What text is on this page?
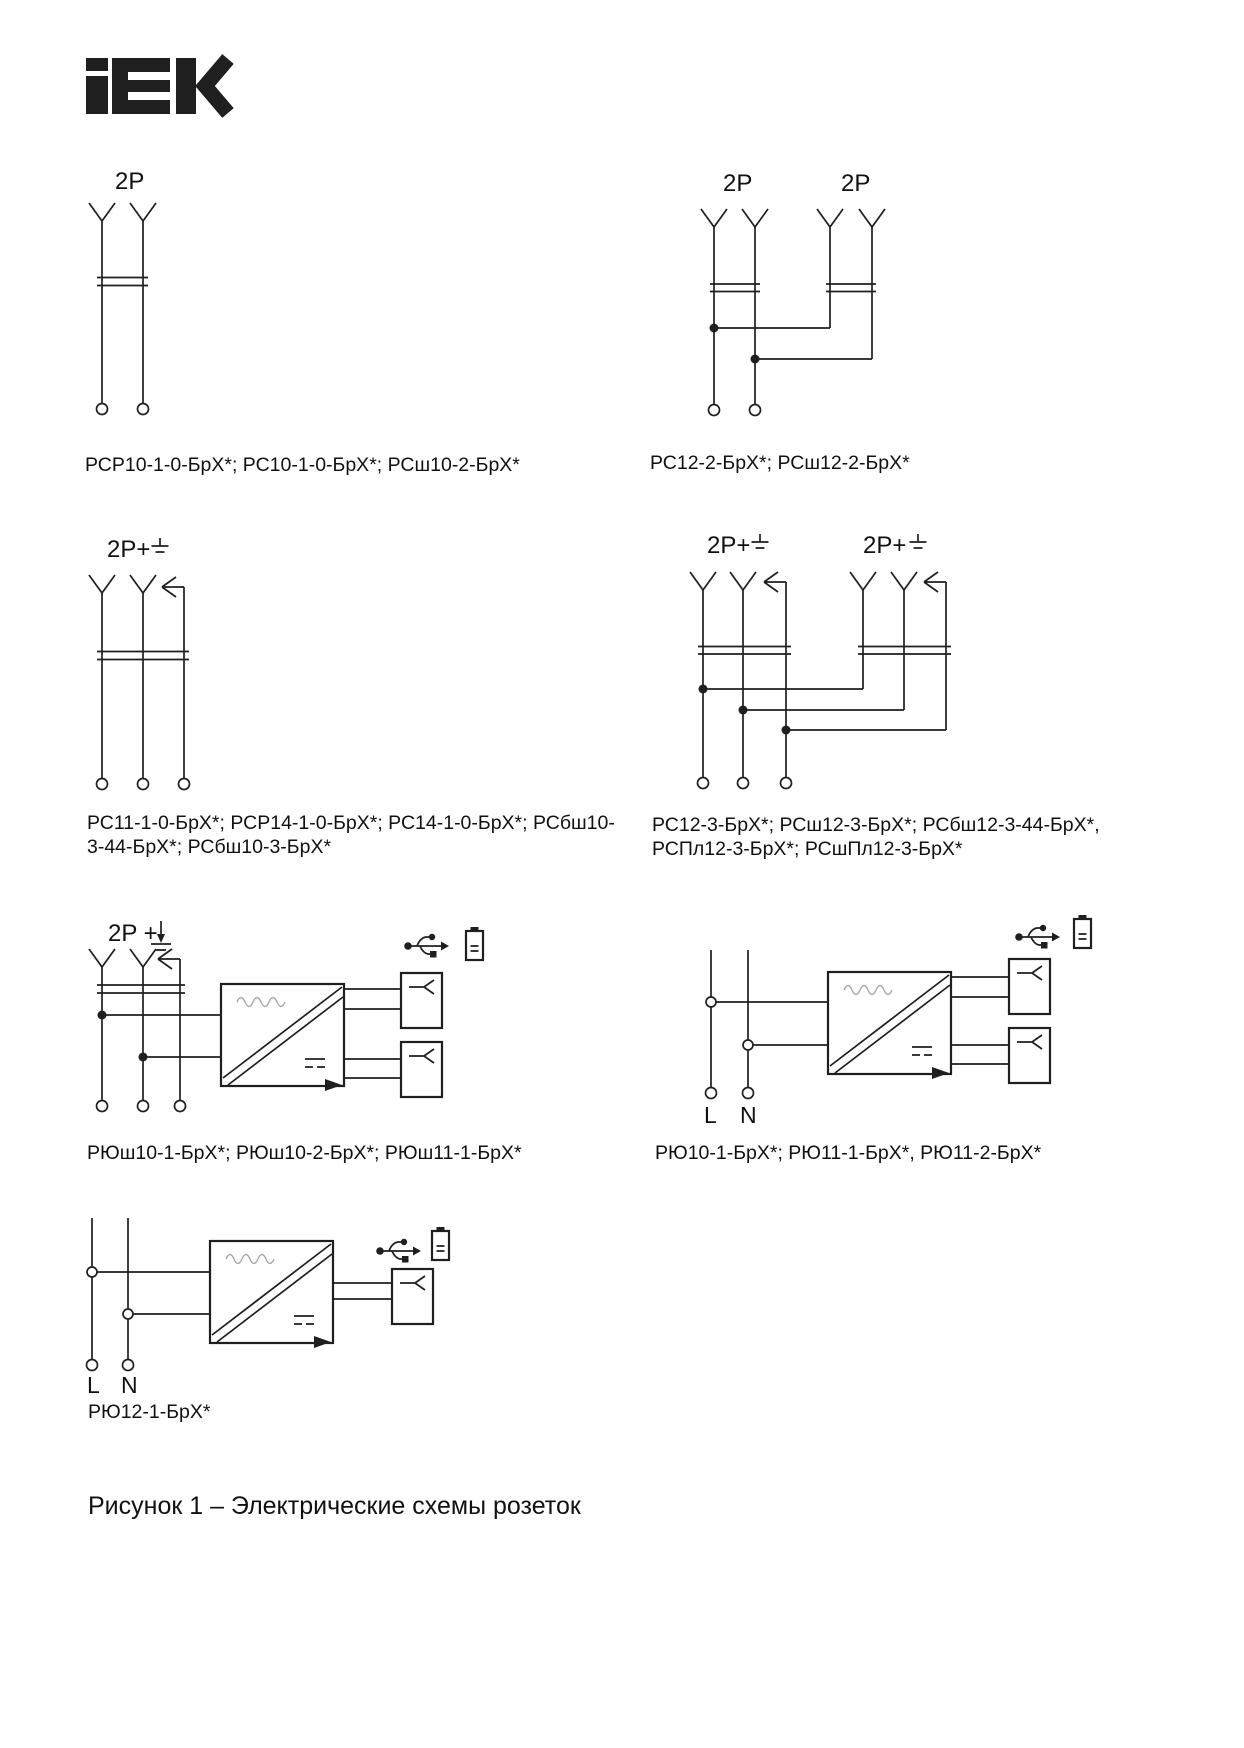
2P	2P	2P
2P+	2P+	2P+
2P +
L N
L N
РСР10-1-0-БрХ*; РС10-1-0-БрХ*; РСш10-2-БрХ*	РС12-2-БрХ*; РСш12-2-БрХ*
РС11-1-0-БрХ*; РСР14-1-0-БрХ*; РС14-1-0-БрХ*; РСбш10-3-44-БрХ*; РСбш10-3-БрХ*
РС12-3-БрХ*; РСш12-3-БрХ*; РСбш12-3-44-БрХ*, РСПл12-3-БрХ*; РСшПл12-3-БрХ*
РЮш10-1-БрХ*; РЮш10-2-БрХ*; РЮш11-1-БрХ*	РЮ10-1-БрХ*; РЮ11-1-БрХ*, РЮ11-2-БрХ*
РЮ12-1-БрХ*
Рисунок 1 – Электрические схемы розеток
